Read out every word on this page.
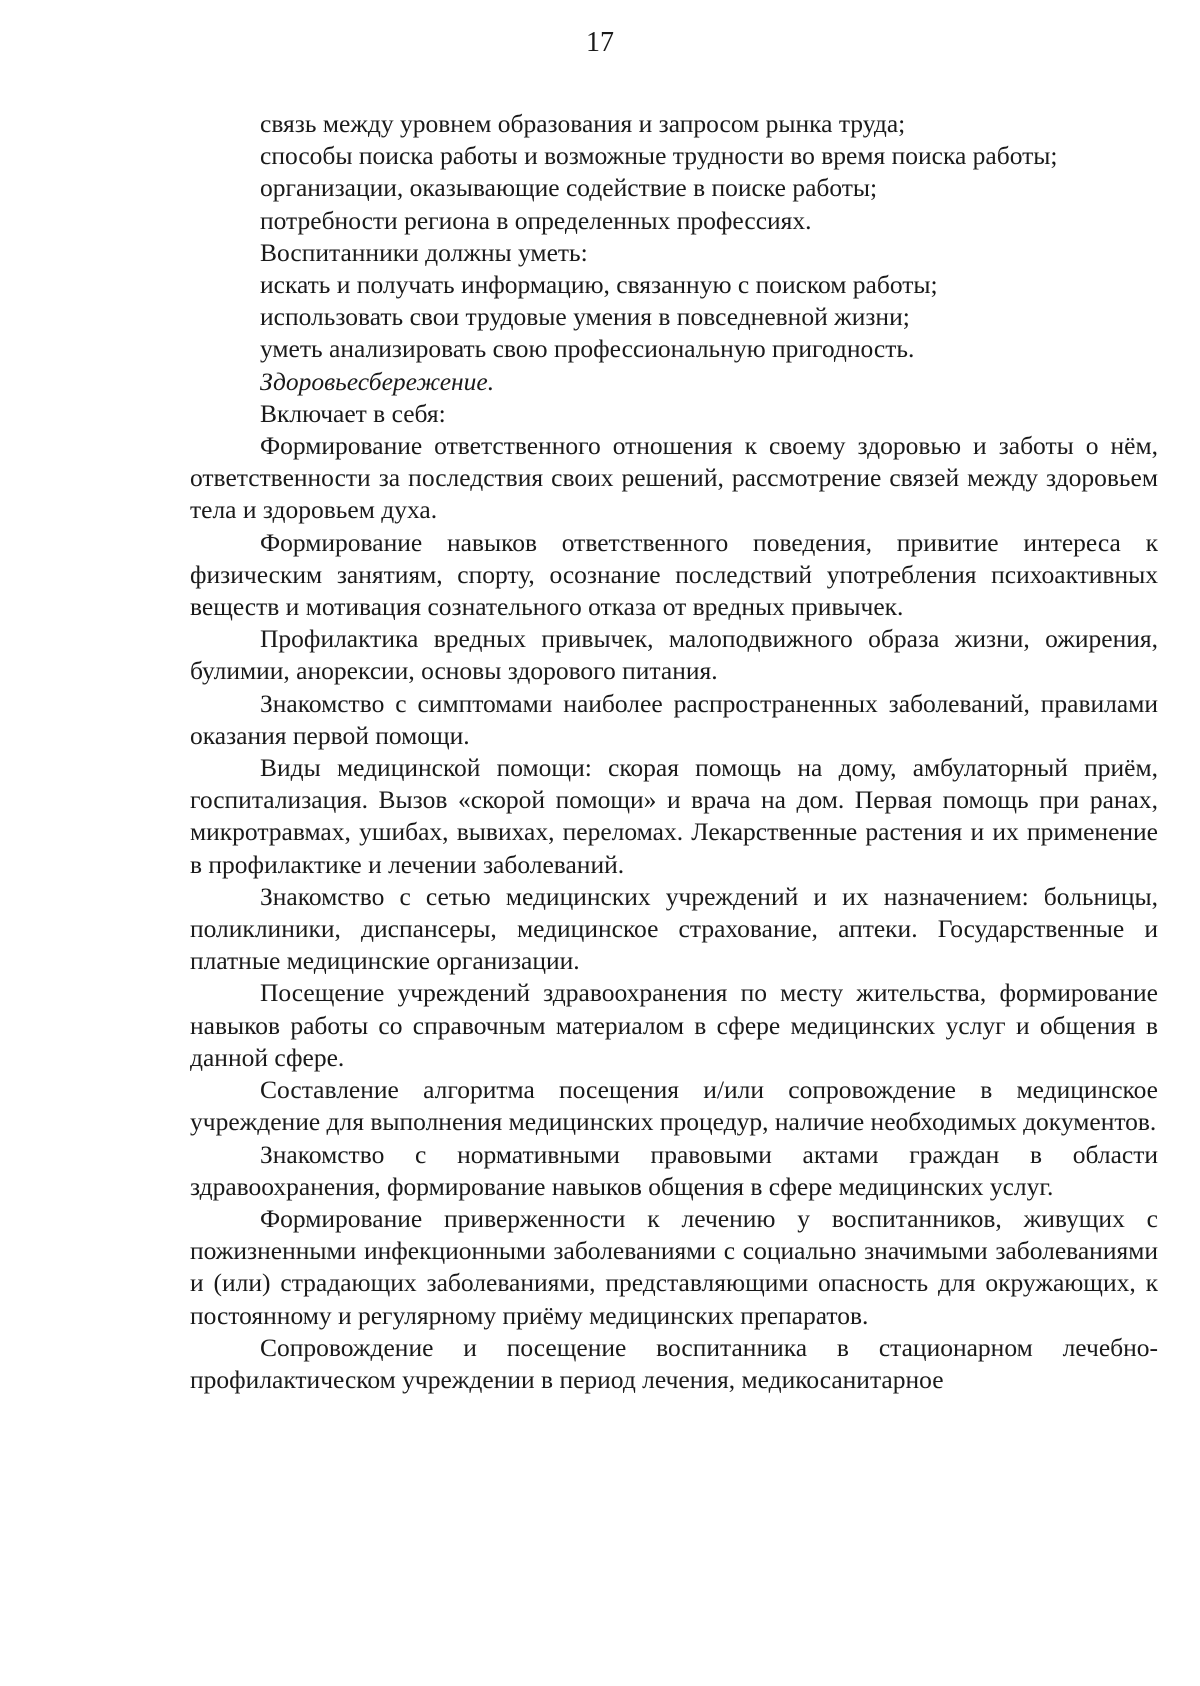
17

связь между уровнем образования и запросом рынка труда;

способы поиска работы и возможные трудности во время поиска работы;

организации, оказывающие содействие в поиске работы;

потребности региона в определенных профессиях.

Воспитанники должны уметь:

искать и получать информацию, связанную с поиском работы;

использовать свои трудовые умения в повседневной жизни;

уметь анализировать свою профессиональную пригодность.

Здоровьесбережение.

Включает в себя:

Формирование ответственного отношения к своему здоровью и заботы о нём, ответственности за последствия своих решений, рассмотрение связей между здоровьем тела и здоровьем духа.

Формирование навыков ответственного поведения, привитие интереса к физическим занятиям, спорту, осознание последствий употребления психоактивных веществ и мотивация сознательного отказа от вредных привычек.

Профилактика вредных привычек, малоподвижного образа жизни, ожирения, булимии, анорексии, основы здорового питания.

Знакомство с симптомами наиболее распространенных заболеваний, правилами оказания первой помощи.

Виды медицинской помощи: скорая помощь на дому, амбулаторный приём, госпитализация. Вызов «скорой помощи» и врача на дом. Первая помощь при ранах, микротравмах, ушибах, вывихах, переломах. Лекарственные растения и их применение в профилактике и лечении заболеваний.

Знакомство с сетью медицинских учреждений и их назначением: больницы, поликлиники, диспансеры, медицинское страхование, аптеки. Государственные и платные медицинские организации.

Посещение учреждений здравоохранения по месту жительства, формирование навыков работы со справочным материалом в сфере медицинских услуг и общения в данной сфере.

Составление алгоритма посещения и/или сопровождение в медицинское учреждение для выполнения медицинских процедур, наличие необходимых документов.

Знакомство с нормативными правовыми актами граждан в области здравоохранения, формирование навыков общения в сфере медицинских услуг.

Формирование приверженности к лечению у воспитанников, живущих с пожизненными инфекционными заболеваниями с социально значимыми заболеваниями и (или) страдающих заболеваниями, представляющими опасность для окружающих, к постоянному и регулярному приёму медицинских препаратов.

Сопровождение и посещение воспитанника в стационарном лечебно-профилактическом учреждении в период лечения, медикосанитарное
